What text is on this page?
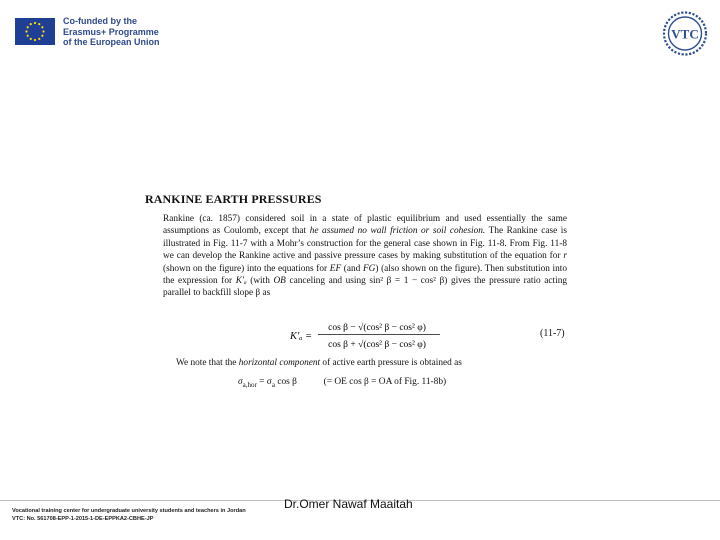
Co-funded by the
Erasmus+ Programme
of the European Union
VTC
RANKINE EARTH PRESSURES

Rankine (ca. 1857) considered soil in a state of plastic equilibrium and used essentially the same assumptions as Coulomb, except that he assumed no wall friction or soil cohesion. The Rankine case is illustrated in Fig. 11-7 with a Mohr’s construction for the general case shown in Fig. 11-8. From Fig. 11-8 we can develop the Rankine active and passive pressure cases by making substitution of the equation for r (shown on the figure) into the equations for EF (and FG) (also shown on the figure). Then substitution into the expression for K′ₐ (with OB canceling and using sin² β = 1 − cos² β) gives the pressure ratio acting parallel to backfill slope β as

K′ₐ =
cos β − √(cos² β − cos² φ)
cos β + √(cos² β − cos² φ)
(11-7)
We note that the horizontal component of active earth pressure is obtained as
$\sigma_{a,hor} = \sigma_a$ cos β	(= OE cos β = OA of Fig. 11-8b)
Vocational training center for undergraduate university students and teachers in Jordan
VTC: No. 561708-EPP-1-2015-1-DE-EPPKA2-CBHE-JP
Dr.Omer Nawaf Maaitah
